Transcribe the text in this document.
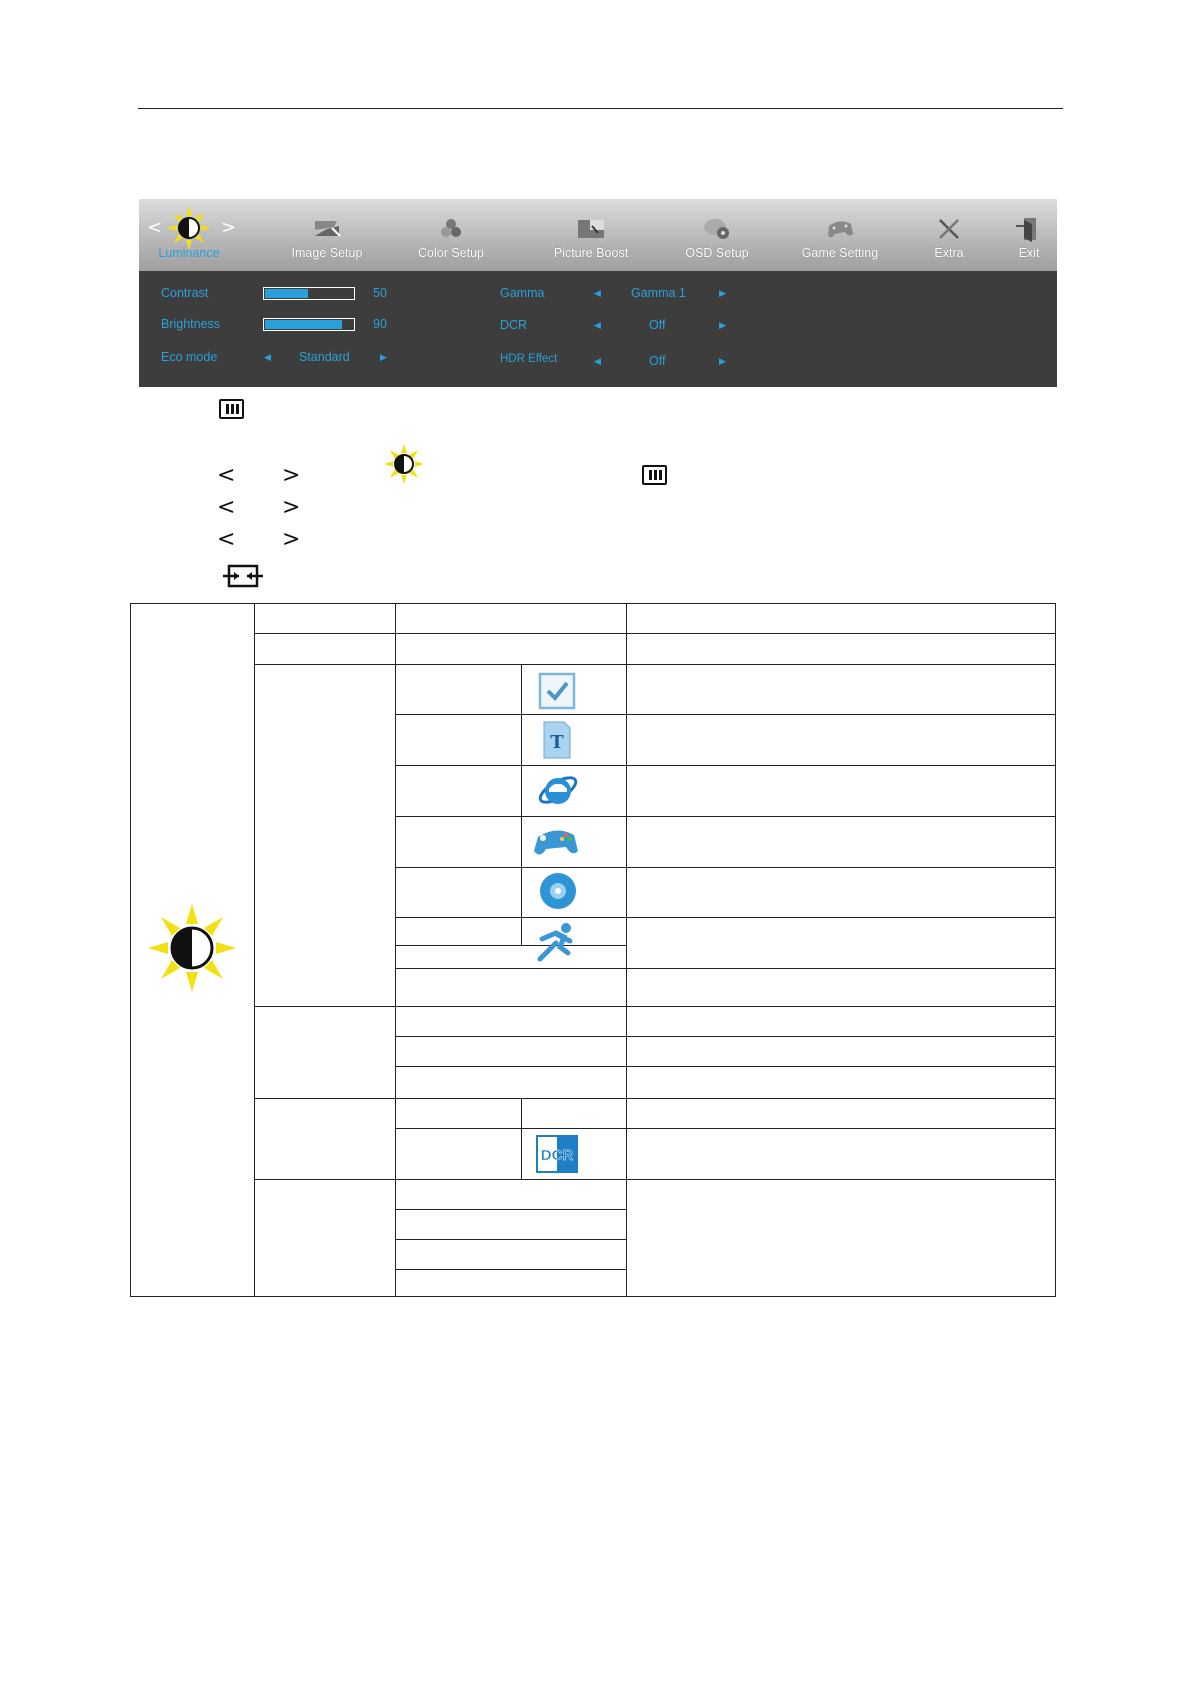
<	>
Luminance	Image Setup	Color Setup	Picture Boost	OSD Setup	Game Setting	Extra	Exit
Contrast	50
Brightness	90
Eco mode	◀ Standard	▶
Gamma	◀ Gamma 1	▶
DCR	◀	Off	▶
HDR Effect	◀	Off	▶
< >
< >
< >
T
DCR
